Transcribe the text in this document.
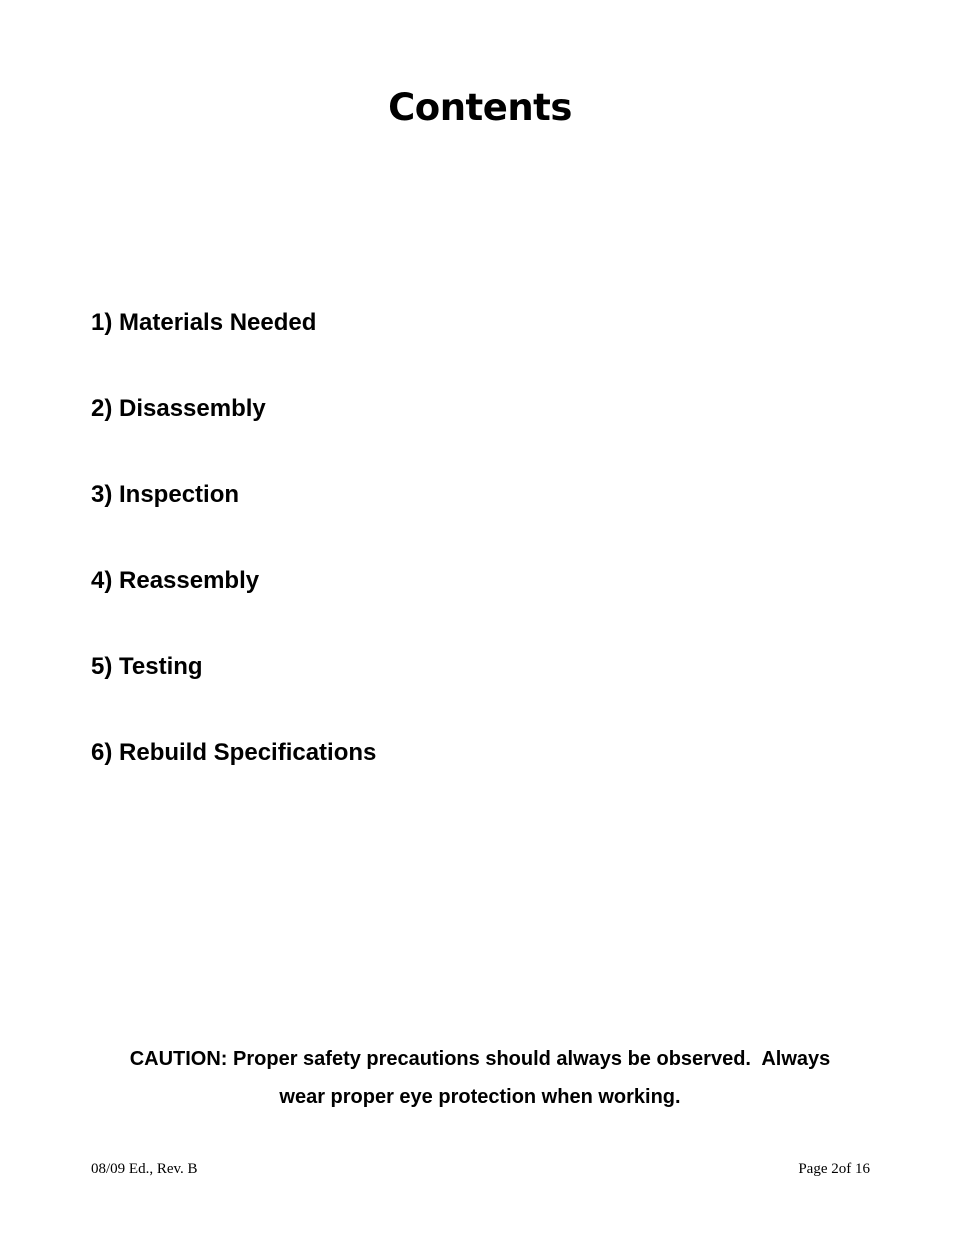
Contents
1) Materials Needed
2) Disassembly
3) Inspection
4) Reassembly
5) Testing
6) Rebuild Specifications
CAUTION: Proper safety precautions should always be observed.  Always
wear proper eye protection when working.
08/09 Ed., Rev. B	Page 2of 16
